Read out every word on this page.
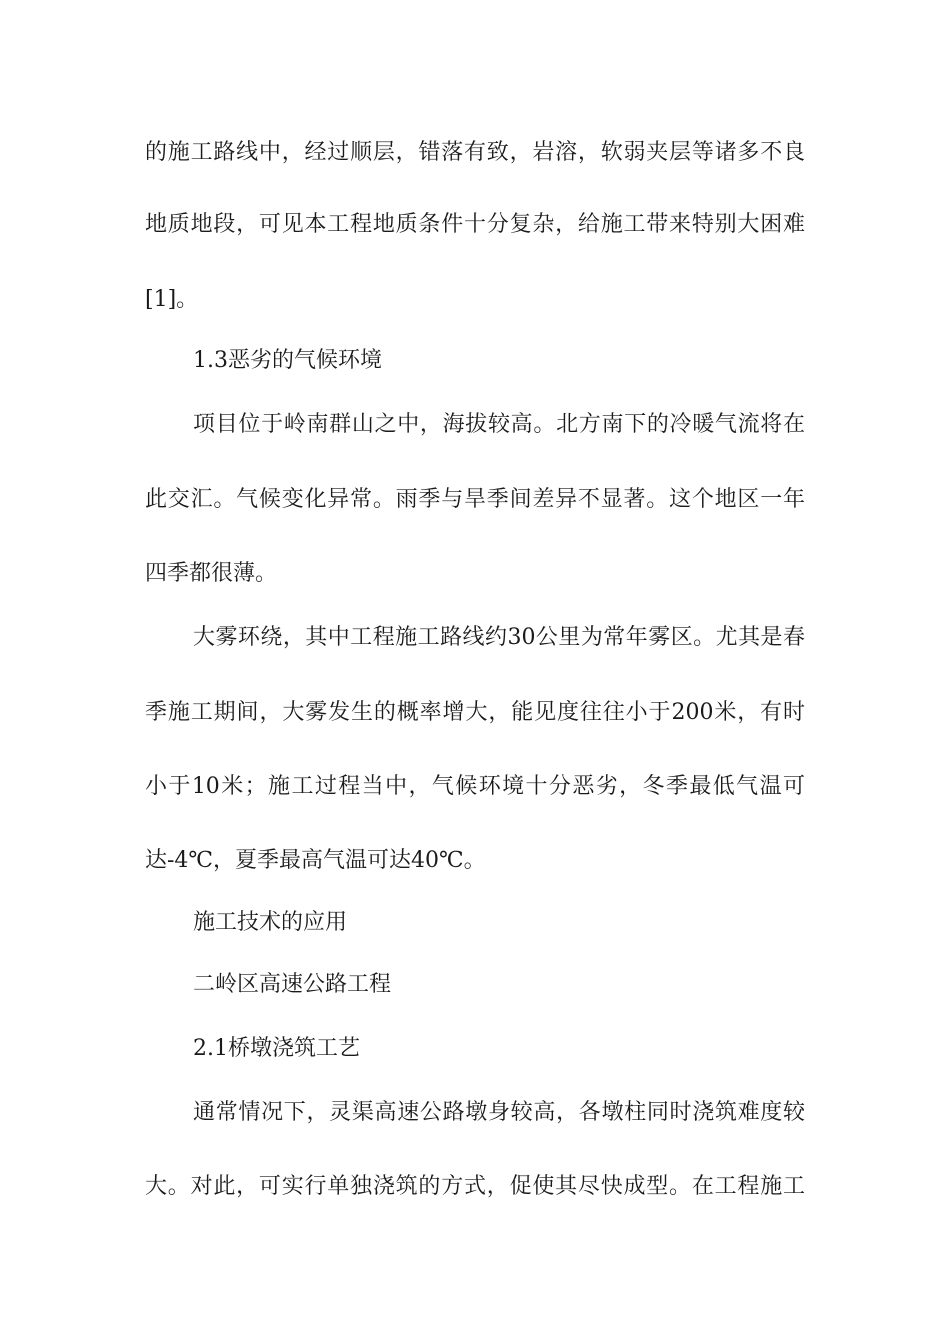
的施工路线中，经过顺层，错落有致，岩溶，软弱夹层等诸多不良
地质地段，可见本工程地质条件十分复杂，给施工带来特别大困难
[1]。
1.3恶劣的气候环境
项目位于岭南群山之中，海拔较高。北方南下的冷暖气流将在
此交汇。气候变化异常。雨季与旱季间差异不显著。这个地区一年
四季都很薄。
大雾环绕，其中工程施工路线约30公里为常年雾区。尤其是春
季施工期间，大雾发生的概率增大，能见度往往小于200米，有时
小于10米；施工过程当中，气候环境十分恶劣，冬季最低气温可
达-4℃，夏季最高气温可达40℃。
施工技术的应用
二岭区高速公路工程
2.1桥墩浇筑工艺
通常情况下，灵渠高速公路墩身较高，各墩柱同时浇筑难度较
大。对此，可实行单独浇筑的方式，促使其尽快成型。在工程施工
